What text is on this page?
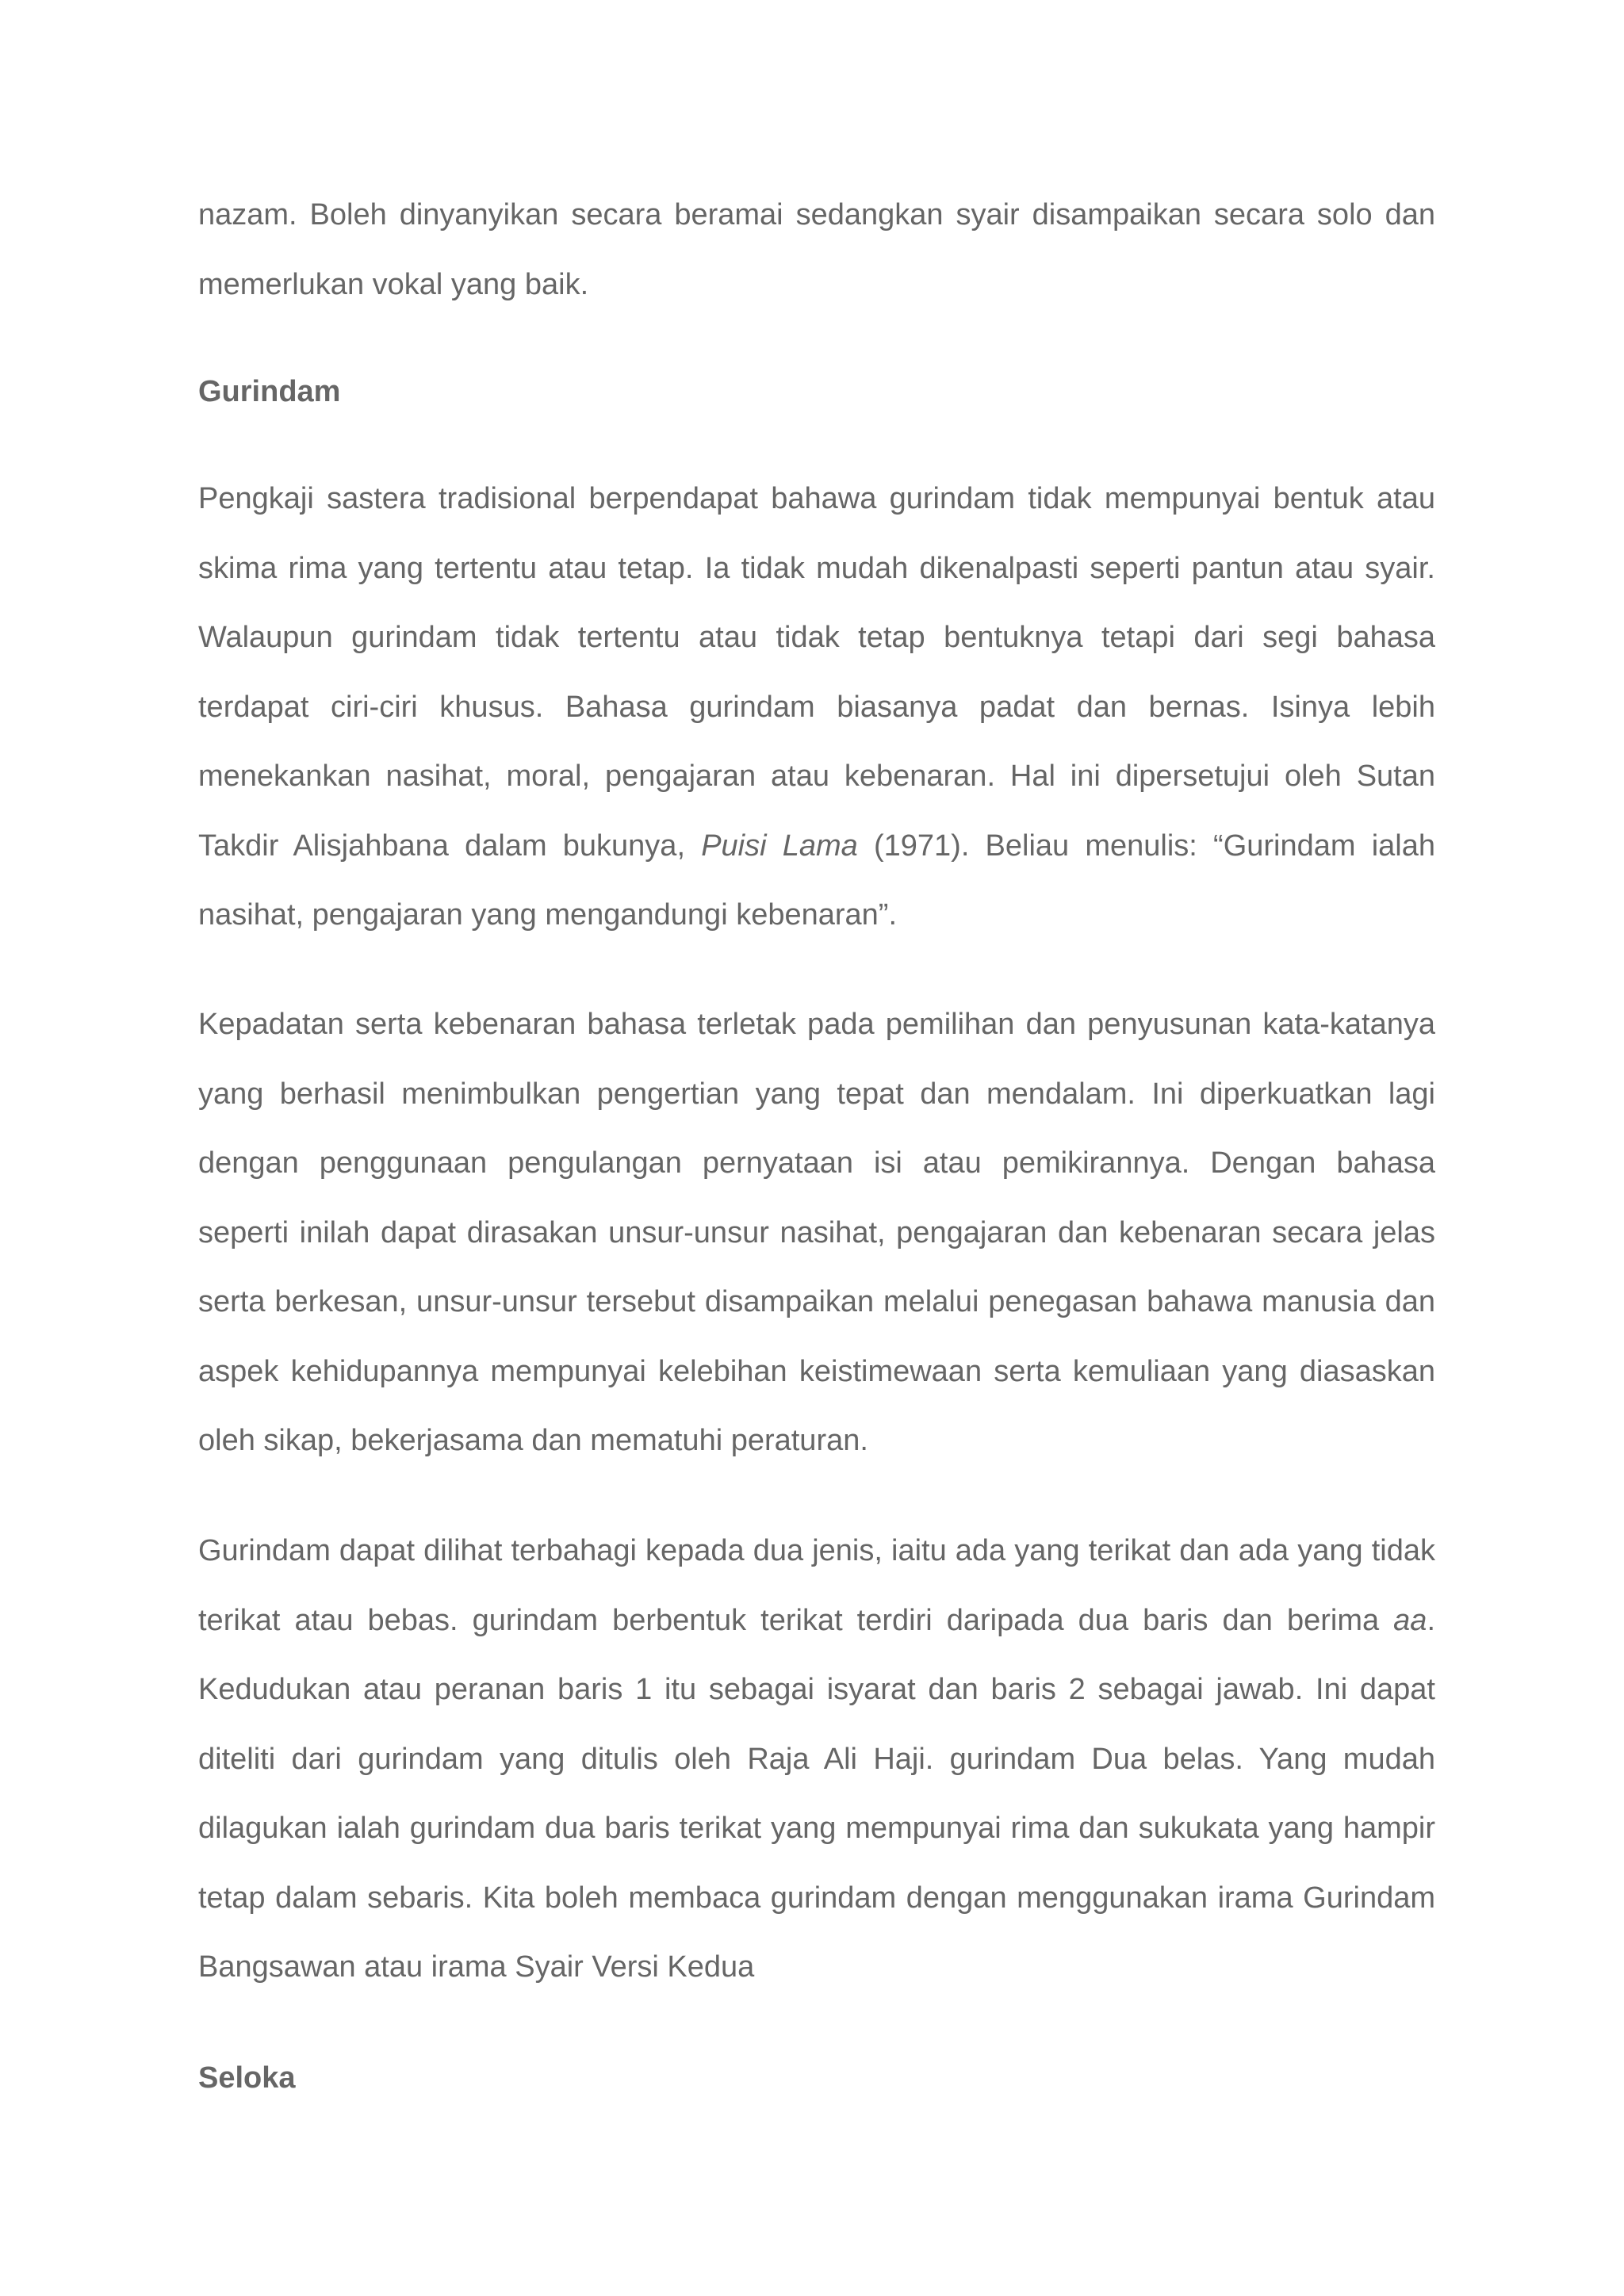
nazam. Boleh dinyanyikan secara beramai sedangkan syair disampaikan secara solo dan memerlukan vokal yang baik.

Gurindam

Pengkaji sastera tradisional berpendapat bahawa gurindam tidak mempunyai bentuk atau skima rima yang tertentu atau tetap. Ia tidak mudah dikenalpasti seperti pantun atau syair. Walaupun gurindam tidak tertentu atau tidak tetap bentuknya tetapi dari segi bahasa terdapat ciri-ciri khusus. Bahasa gurindam biasanya padat dan bernas. Isinya lebih menekankan nasihat, moral, pengajaran atau kebenaran. Hal ini dipersetujui oleh Sutan Takdir Alisjahbana dalam bukunya, Puisi Lama (1971). Beliau menulis: “Gurindam ialah nasihat, pengajaran yang mengandungi kebenaran”.

Kepadatan serta kebenaran bahasa terletak pada pemilihan dan penyusunan kata-katanya yang berhasil menimbulkan pengertian yang tepat dan mendalam. Ini diperkuatkan lagi dengan penggunaan pengulangan pernyataan isi atau pemikirannya. Dengan bahasa seperti inilah dapat dirasakan unsur-unsur nasihat, pengajaran dan kebenaran secara jelas serta berkesan, unsur-unsur tersebut disampaikan melalui penegasan bahawa manusia dan aspek kehidupannya mempunyai kelebihan keistimewaan serta kemuliaan yang diasaskan oleh sikap, bekerjasama dan mematuhi peraturan.

Gurindam dapat dilihat terbahagi kepada dua jenis, iaitu ada yang terikat dan ada yang tidak terikat atau bebas. gurindam berbentuk terikat terdiri daripada dua baris dan berima aa. Kedudukan atau peranan baris 1 itu sebagai isyarat dan baris 2 sebagai jawab. Ini dapat diteliti dari gurindam yang ditulis oleh Raja Ali Haji. gurindam Dua belas. Yang mudah dilagukan ialah gurindam dua baris terikat yang mempunyai rima dan sukukata yang hampir tetap dalam sebaris. Kita boleh membaca gurindam dengan menggunakan irama Gurindam Bangsawan atau irama Syair Versi Kedua

Seloka
